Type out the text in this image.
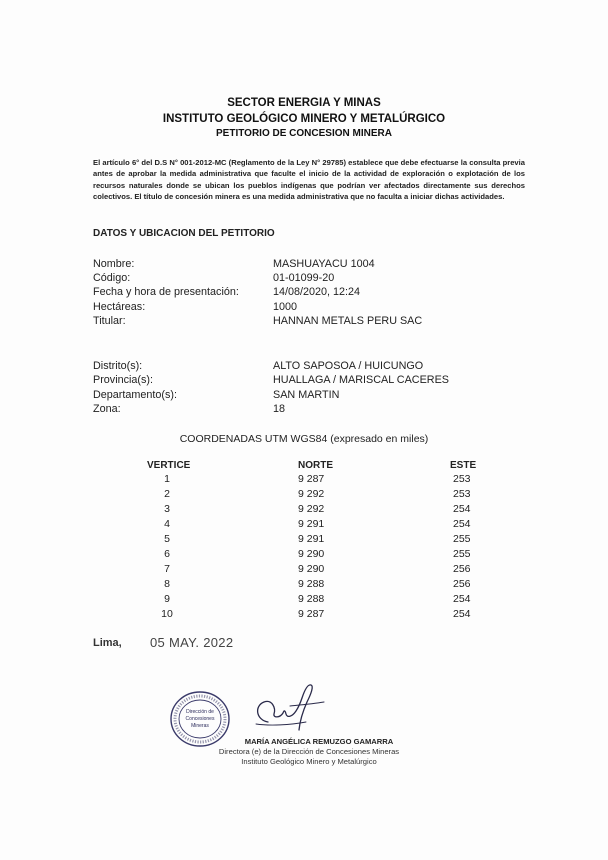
SECTOR ENERGIA Y MINAS
INSTITUTO GEOLÓGICO MINERO Y METALÚRGICO
PETITORIO DE CONCESION MINERA
El artículo 6° del D.S N° 001-2012-MC (Reglamento de la Ley N° 29785) establece que debe efectuarse la consulta previa antes de aprobar la medida administrativa que faculte el inicio de la actividad de exploración o explotación de los recursos naturales donde se ubican los pueblos indígenas que podrían ver afectados directamente sus derechos colectivos. El título de concesión minera es una medida administrativa que no faculta a iniciar dichas actividades.
DATOS Y UBICACION DEL PETITORIO
Nombre:	MASHUAYACU 1004
Código:	01-01099-20
Fecha y hora de presentación:	14/08/2020, 12:24
Hectáreas:	1000
Titular:	HANNAN METALS PERU SAC
Distrito(s):	ALTO SAPOSOA / HUICUNGO
Provincia(s):	HUALLAGA / MARISCAL CACERES
Departamento(s):	SAN MARTIN
Zona:	18
COORDENADAS UTM WGS84 (expresado en miles)
VERTICE	NORTE	ESTE
1	9 287	253
2	9 292	253
3	9 292	254
4	9 291	254
5	9 291	255
6	9 290	255
7	9 290	256
8	9 288	256
9	9 288	254
10	9 287	254
Lima, 05 MAY. 2022
Dirección de
Concesiones
Mineras
MARÍA ANGÉLICA REMUZGO GAMARRA
Directora (e) de la Dirección de Concesiones Mineras
Instituto Geológico Minero y Metalúrgico
